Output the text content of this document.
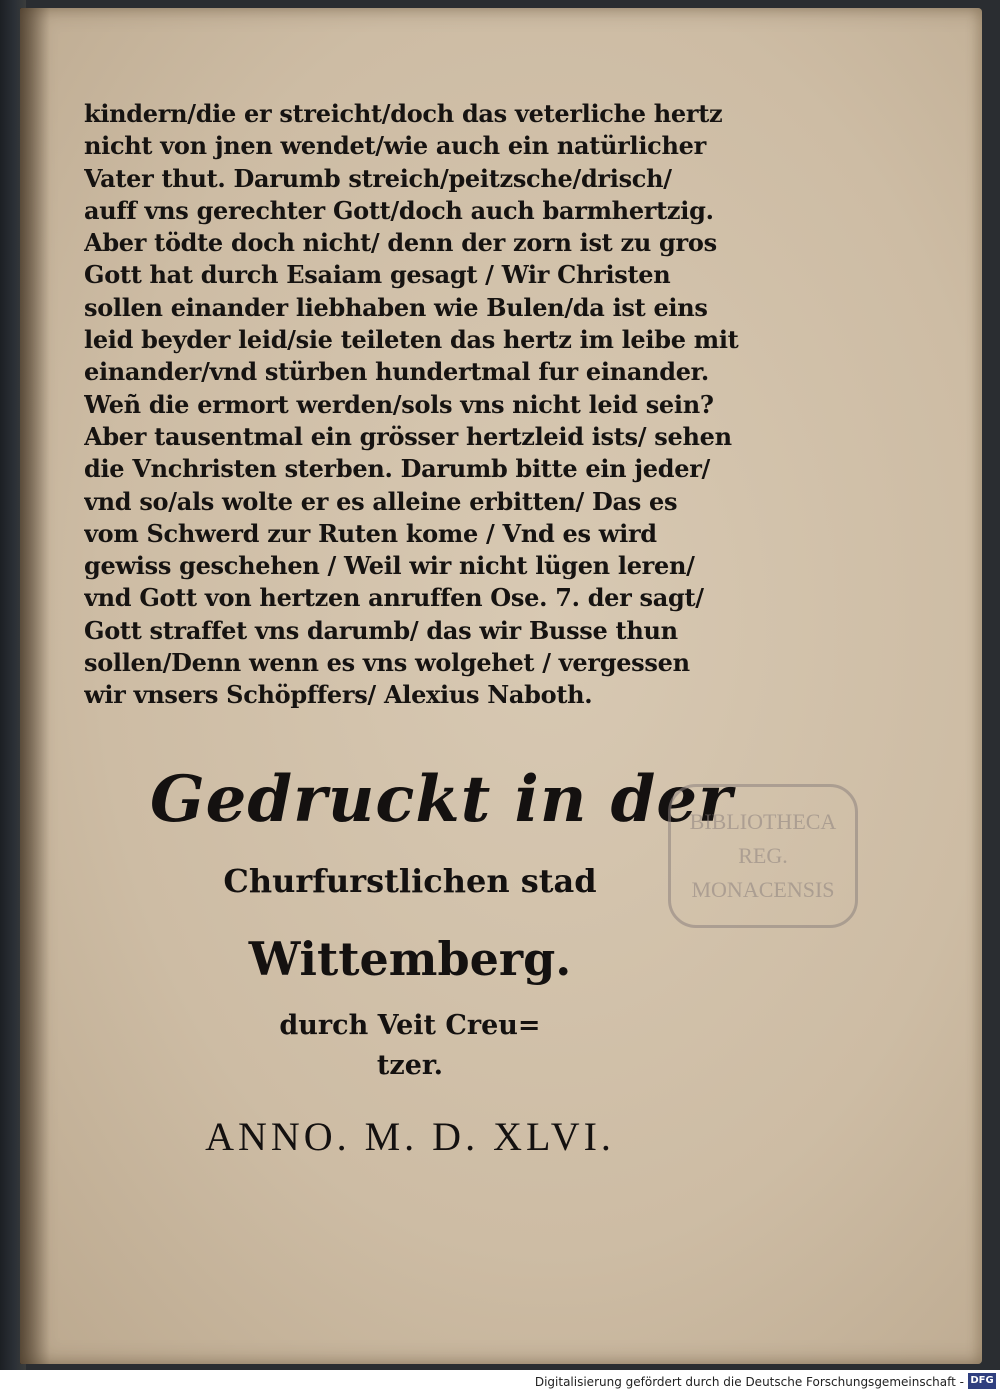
kindern/die er streicht/doch das veterliche hertz
nicht von jnen wendet/wie auch ein natürlicher
Vater thut. Darumb streich/peitzsche/drisch/
auff vns gerechter Gott/doch auch barmhertzig.
Aber tödte doch nicht/ denn der zorn ist zu gros
Gott hat durch Esaiam gesagt / Wir Christen
sollen einander liebhaben wie Bulen/da ist eins
leid beyder leid/sie teileten das hertz im leibe mit
einander/vnd stürben hundertmal fur einander.
Weñ die ermort werden/sols vns nicht leid sein?
Aber tausentmal ein grösser hertzleid ists/ sehen
die Vnchristen sterben. Darumb bitte ein jeder/
vnd so/als wolte er es alleine erbitten/ Das es
vom Schwerd zur Ruten kome / Vnd es wird
gewiss geschehen / Weil wir nicht lügen leren/
vnd Gott von hertzen anruffen Ose. 7. der sagt/
Gott straffet vns darumb/ das wir Busse thun
sollen/Denn wenn es vns wolgehet / vergessen
wir vnsers Schöpffers/ Alexius Naboth.
Gedruckt in der
Churfurstlichen stad
Wittemberg.
durch Veit Creu=
tzer.
ANNO. M. D. XLVI.
BIBLIOTHECA
REG.
MONACENSIS
Digitalisierung gefördert durch die Deutsche Forschungsgemeinschaft - DFG
